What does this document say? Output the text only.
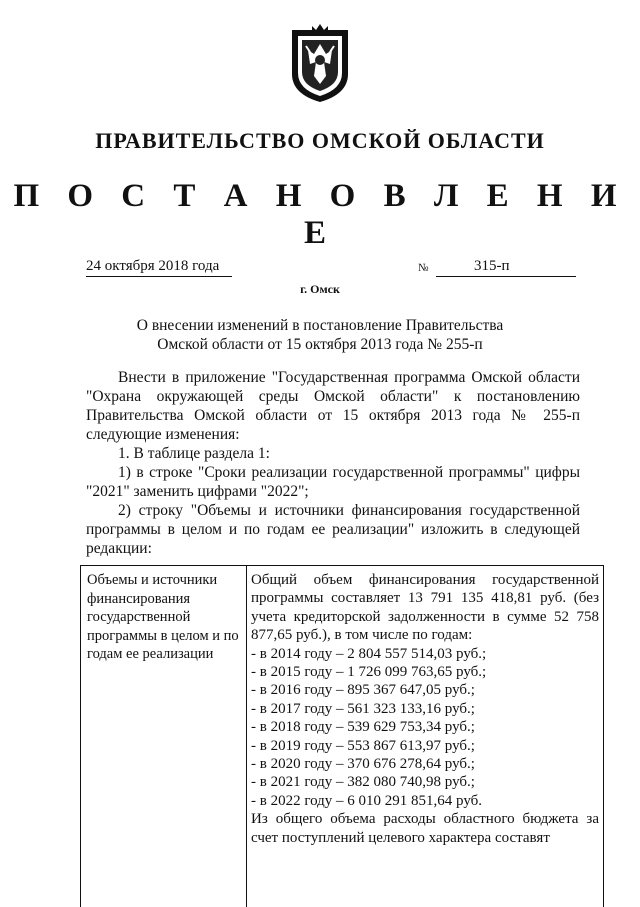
ПРАВИТЕЛЬСТВО ОМСКОЙ ОБЛАСТИ
П О С Т А Н О В Л Е Н И Е
24 октября 2018 года	№	315-п
г. Омск
О внесении изменений в постановление Правительства
Омской области от 15 октября 2013 года № 255-п

Внести в приложение "Государственная программа Омской области "Охрана окружающей среды Омской области" к постановлению Правительства Омской области от 15 октября 2013 года № 255-п следующие изменения:

1. В таблице раздела 1:

1) в строке "Сроки реализации государственной программы" цифры "2021" заменить цифрами "2022";

2) строку "Объемы и источники финансирования государственной программы в целом и по годам ее реализации" изложить в следующей редакции:

Объемы и источники финансирования государственной программы в целом и по годам ее реализации

Общий объем финансирования государственной программы составляет 13 791 135 418,81 руб. (без учета кредиторской задолженности в сумме 52 758 877,65 руб.), в том числе по годам:

- в 2014 году – 2 804 557 514,03 руб.;
- в 2015 году – 1 726 099 763,65 руб.;
- в 2016 году – 895 367 647,05 руб.;
- в 2017 году – 561 323 133,16 руб.;
- в 2018 году – 539 629 753,34 руб.;
- в 2019 году – 553 867 613,97 руб.;
- в 2020 году – 370 676 278,64 руб.;
- в 2021 году – 382 080 740,98 руб.;
- в 2022 году – 6 010 291 851,64 руб.

Из общего объема расходы областного бюджета за счет поступлений целевого характера составят
